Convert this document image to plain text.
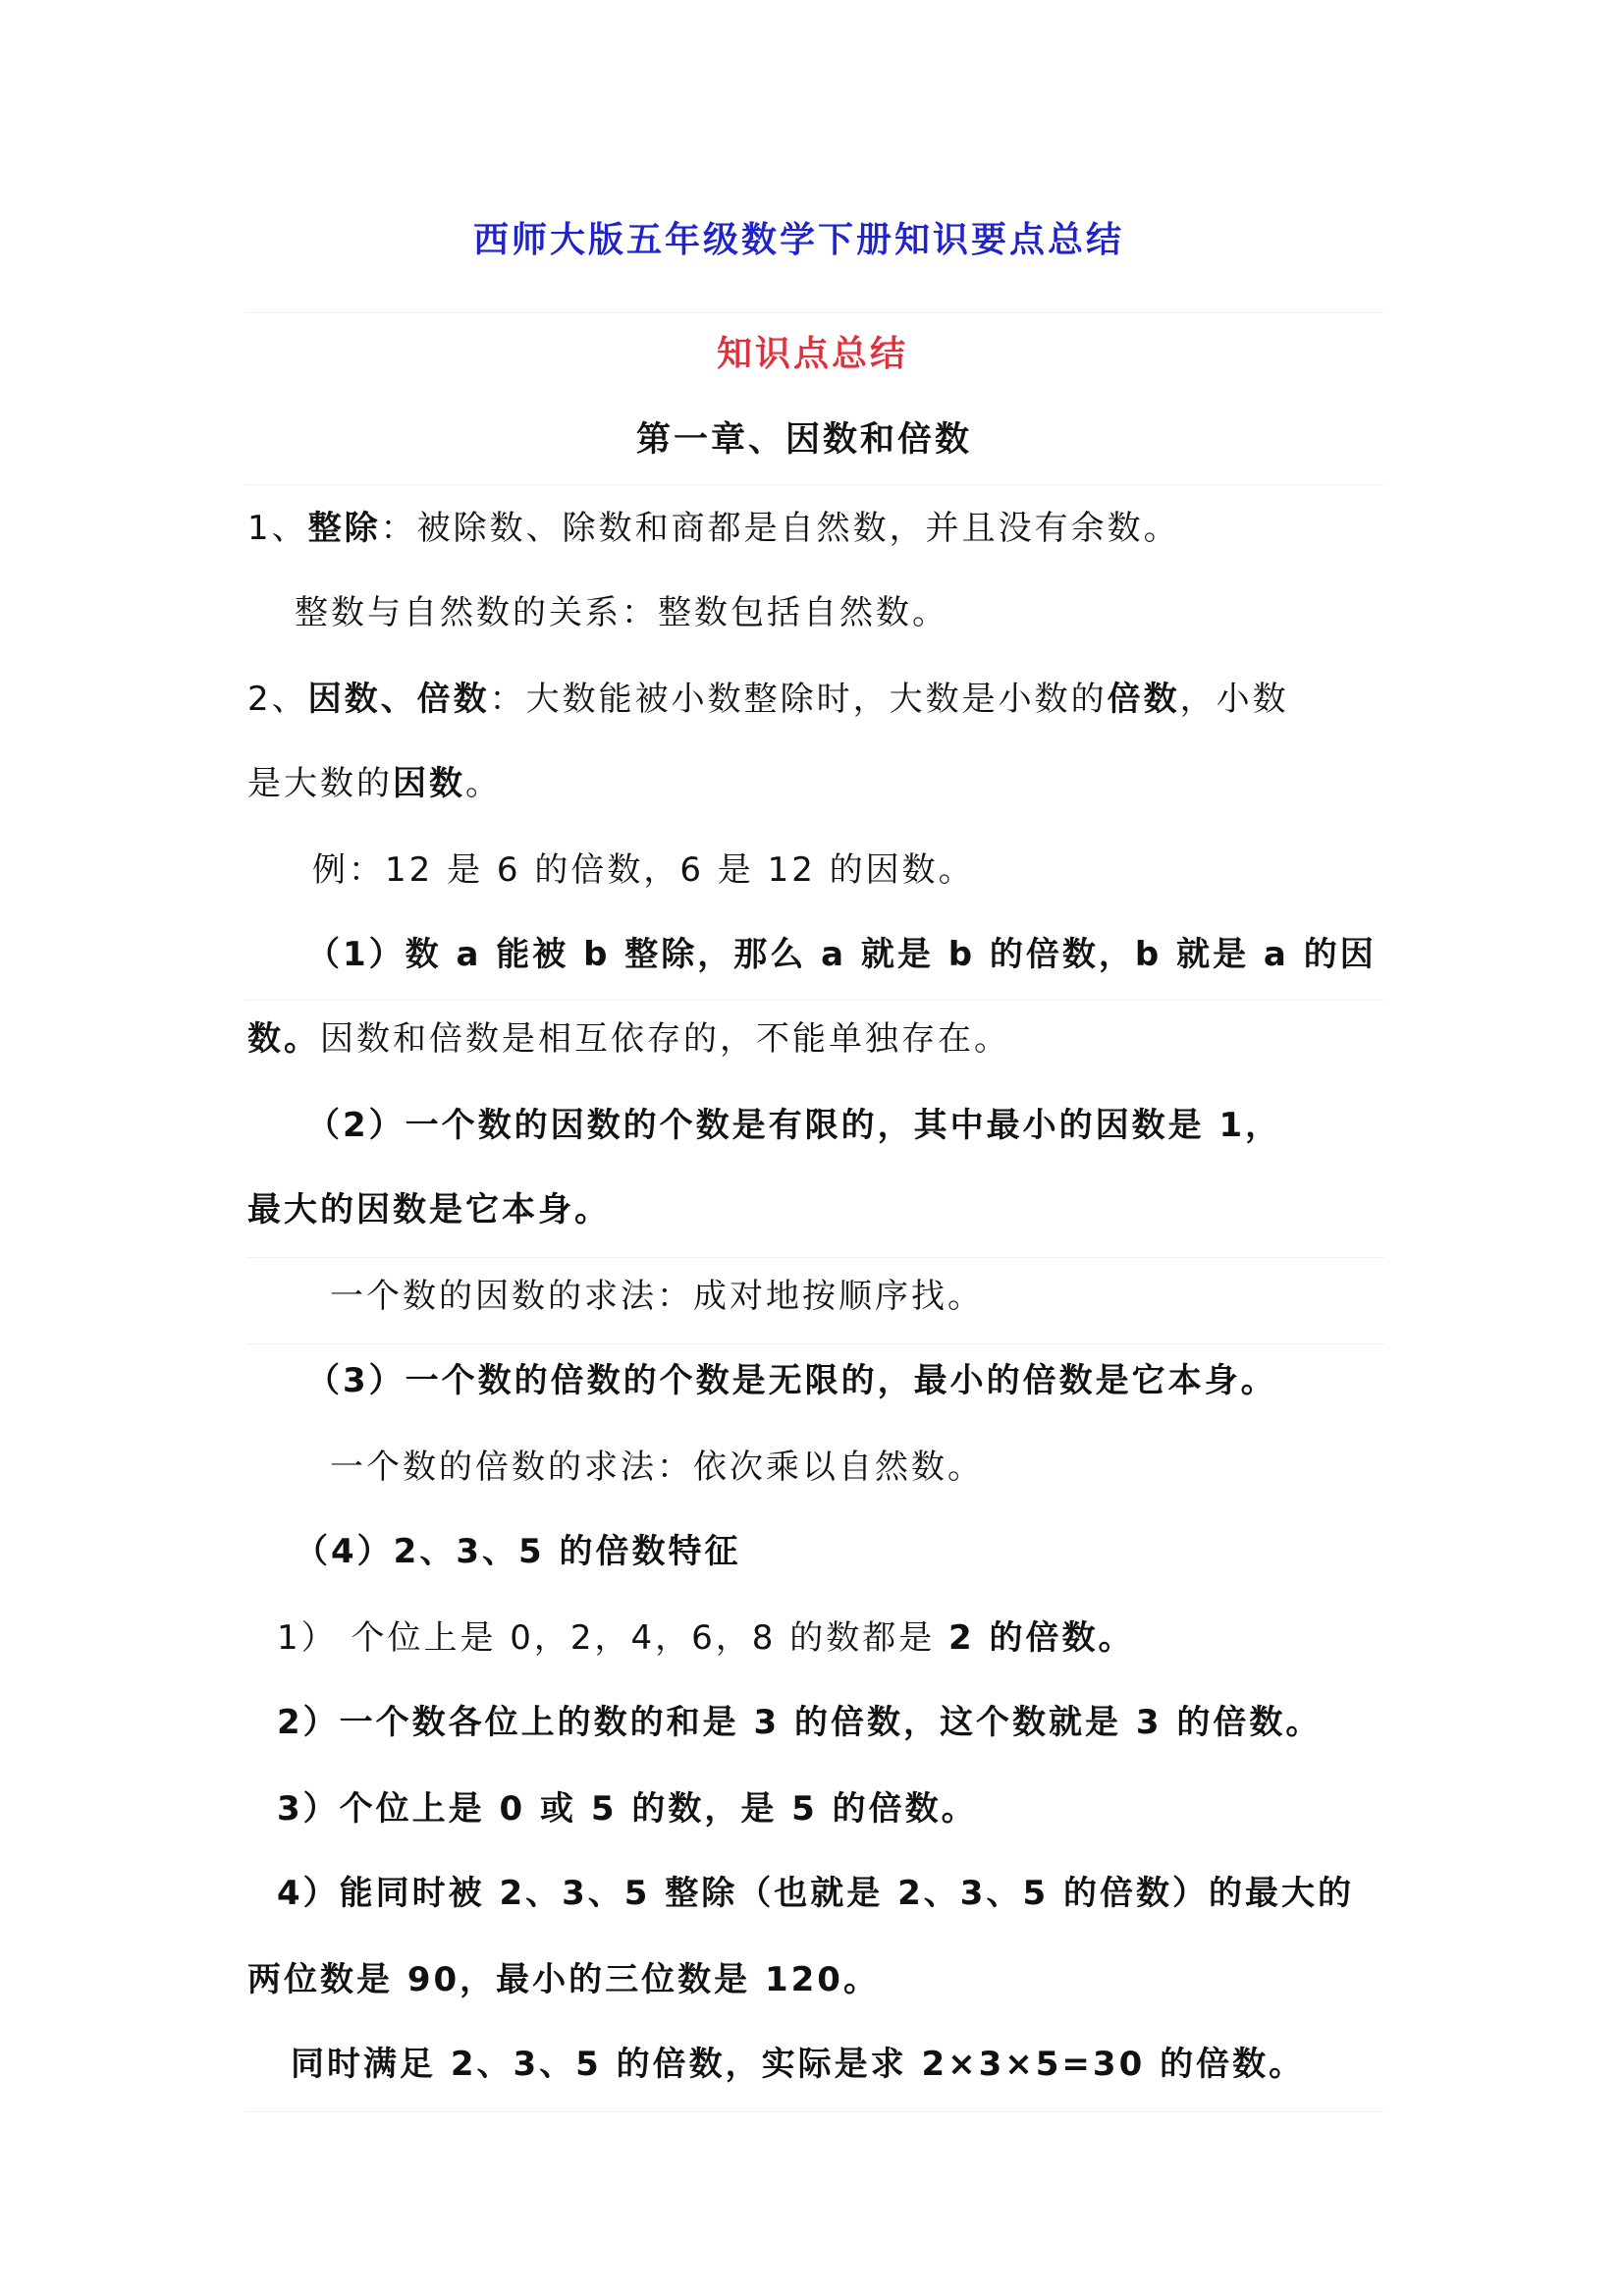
西师大版五年级数学下册知识要点总结
知识点总结
第一章、因数和倍数
1、整除：被除数、除数和商都是自然数，并且没有余数。
整数与自然数的关系：整数包括自然数。
2、因数、倍数：大数能被小数整除时，大数是小数的倍数，小数
是大数的因数。
例：12 是 6 的倍数，6 是 12 的因数。
（1）数 a 能被 b 整除，那么 a 就是 b 的倍数，b 就是 a 的因
数。因数和倍数是相互依存的，不能单独存在。
（2）一个数的因数的个数是有限的，其中最小的因数是 1，
最大的因数是它本身。
一个数的因数的求法：成对地按顺序找。
（3）一个数的倍数的个数是无限的，最小的倍数是它本身。
一个数的倍数的求法：依次乘以自然数。
（4）2、3、5 的倍数特征
1） 个位上是 0，2，4，6，8 的数都是 2 的倍数。
2）一个数各位上的数的和是 3 的倍数，这个数就是 3 的倍数。
3）个位上是 0 或 5 的数，是 5 的倍数。
4）能同时被 2、3、5 整除（也就是 2、3、5 的倍数）的最大的
两位数是 90，最小的三位数是 120。
同时满足 2、3、5 的倍数，实际是求 2×3×5=30 的倍数。
